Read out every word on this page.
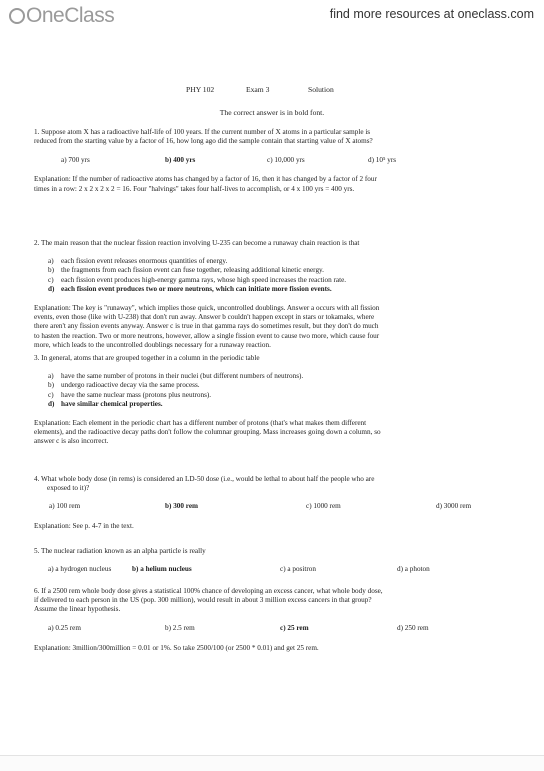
OneClass	find more resources at oneclass.com
PHY 102	Exam 3	Solution
The correct answer is in bold font.

1. Suppose atom X has a radioactive half-life of 100 years. If the current number of X atoms in a particular sample is

reduced from the starting value by a factor of 16, how long ago did the sample contain that starting value of X atoms?

a) 700 yrs	b) 400 yrs	c) 10,000 yrs	d) 10⁵ yrs

Explanation: If the number of radioactive atoms has changed by a factor of 16, then it has changed by a factor of 2 four

times in a row: 2 x 2 x 2 x 2 = 16. Four "halvings" takes four half-lives to accomplish, or 4 x 100 yrs = 400 yrs.

2. The main reason that the nuclear fission reaction involving U-235 can become a runaway chain reaction is that

a) each fission event releases enormous quantities of energy.
b) the fragments from each fission event can fuse together, releasing additional kinetic energy.
c) each fission event produces high-energy gamma rays, whose high speed increases the reaction rate.
d) each fission event produces two or more neutrons, which can initiate more fission events.

Explanation: The key is "runaway", which implies those quick, uncontrolled doublings. Answer a occurs with all fission

events, even those (like with U-238) that don't run away. Answer b couldn't happen except in stars or tokamaks, where

there aren't any fission events anyway. Answer c is true in that gamma rays do sometimes result, but they don't do much

to hasten the reaction. Two or more neutrons, however, allow a single fission event to cause two more, which cause four

more, which leads to the uncontrolled doublings necessary for a runaway reaction.

3. In general, atoms that are grouped together in a column in the periodic table

a) have the same number of protons in their nuclei (but different numbers of neutrons).
b) undergo radioactive decay via the same process.
c) have the same nuclear mass (protons plus neutrons).
d) have similar chemical properties.

Explanation: Each element in the periodic chart has a different number of protons (that's what makes them different

elements), and the radioactive decay paths don't follow the columnar grouping. Mass increases going down a column, so

answer c is also incorrect.

4. What whole body dose (in rems) is considered an LD-50 dose (i.e., would be lethal to about half the people who are

exposed to it)?

a) 100 rem	b) 300 rem	c) 1000 rem	d) 3000 rem

Explanation: See p. 4-7 in the text.

5. The nuclear radiation known as an alpha particle is really

a) a hydrogen nucleus	b) a helium nucleus	c) a positron	d) a photon

6. If a 2500 rem whole body dose gives a statistical 100% chance of developing an excess cancer, what whole body dose,

if delivered to each person in the US (pop. 300 million), would result in about 3 million excess cancers in that group?

Assume the linear hypothesis.

a) 0.25 rem	b) 2.5 rem	c) 25 rem	d) 250 rem

Explanation: 3million/300million = 0.01 or 1%. So take 2500/100 (or 2500 * 0.01) and get 25 rem.
